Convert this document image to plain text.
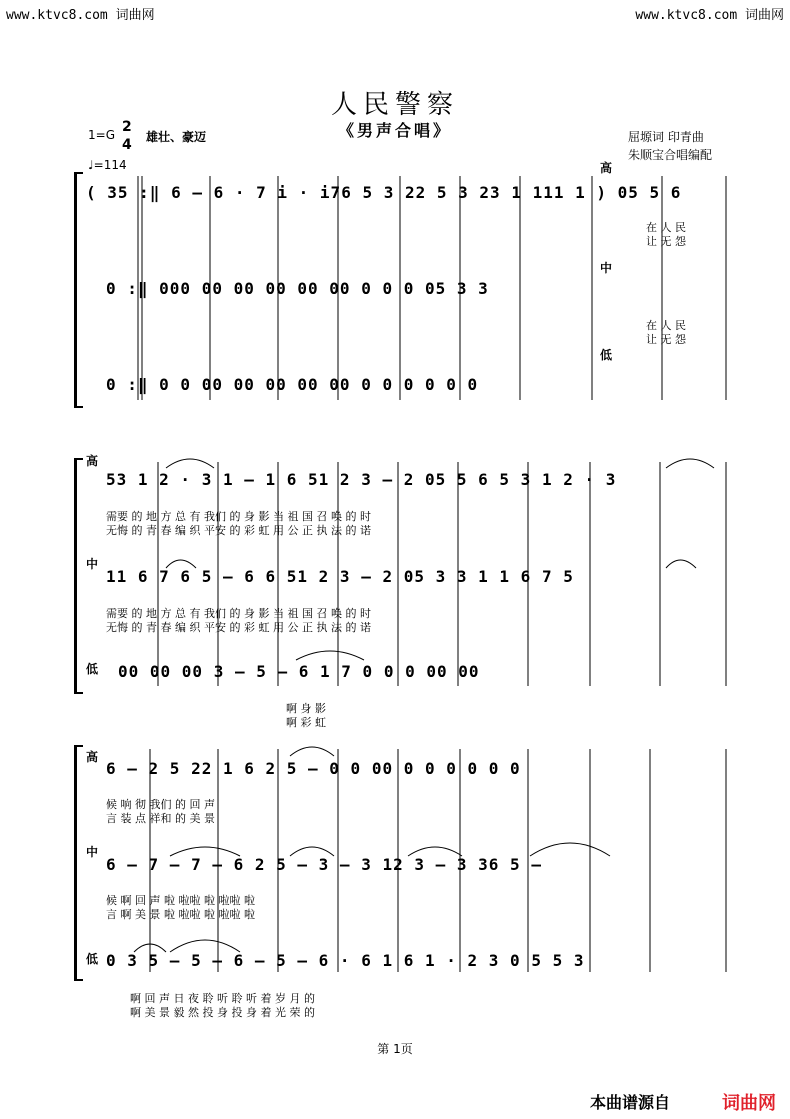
www.ktvc8.com 词曲网	www.ktvc8.com 词曲网
人民警察
《男声合唱》	屈塬词 印青曲
朱顺宝合唱编配
1=G 2
4 雄壮、豪迈
♩=114
( 35 :‖ 6 – 6 · 7 i · i76 5 3 22 5 3 23 1 111 1 ) 05 5 6
高
在 人 民
让 无 怨
中
0 :‖ 000 00 00 00 00 00 0 0 0 05 3 3
在 人 民
让 无 怨
低
0 :‖ 0 0 00 00 00 00 00 0 0 0 0 0 0
高
53 1 2 · 3 1 – 1 6 51 2 3 – 2 05 5 6 5 3 1 2 · 3
需要 的 地 方 总 有 我们 的 身 影 当 祖 国 召 唤 的 时
无悔 的 青 春 编 织 平安 的 彩 虹 用 公 正 执 法 的 诺
中
11 6 7 6 5 – 6 6 51 2 3 – 2 05 3 3 1 1 6 7 5
需要 的 地 方 总 有 我们 的 身 影 当 祖 国 召 唤 的 时
无悔 的 青 春 编 织 平安 的 彩 虹 用 公 正 执 法 的 诺
低 00 00 00 3 – 5 – 6 1 7 0 0 0 00 00
啊 身 影
啊 彩 虹
高
6 – 2 5 22 1 6 2 5 – 0 0 00 0 0 0 0 0 0
候 响 彻 我们 的 回 声
言 装 点 祥和 的 美 景
中
6 – 7 – 7 – 6 2 5 – 3 – 3 12 3 – 3 36 5 –
候 啊 回 声 啦 啦啦 啦 啦啦 啦
言 啊 美 景 啦 啦啦 啦 啦啦 啦
低 0 3 5 – 5 – 6 – 5 – 6 · 6 1 6 1 · 2 3 0 5 5 3
啊 回 声 日 夜 聆 听 聆 听 着 岁 月 的
啊 美 景 毅 然 投 身 投 身 着 光 荣 的
第 1页
本曲谱源自	词曲网
